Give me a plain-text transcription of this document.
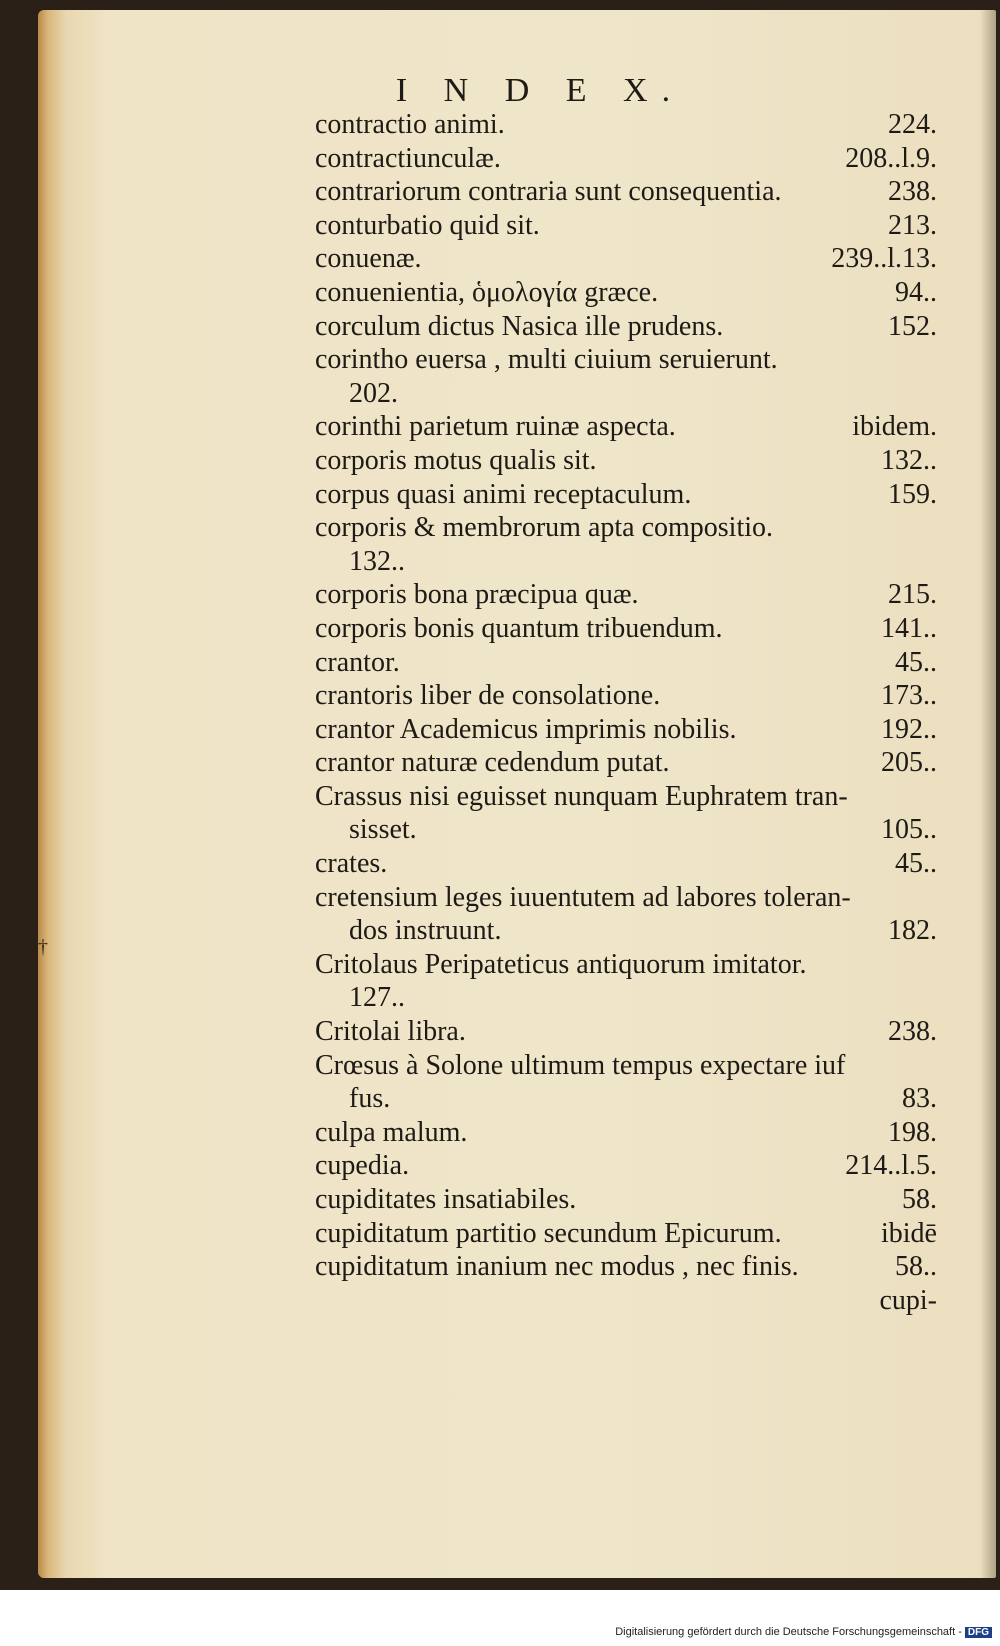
I N D E X.
contractio animi.	224.
contractiunculæ.	208..l.9.
contrariorum contraria sunt consequentia.	238.
conturbatio quid sit.	213.
conuenæ.	239..l.13.
conuenientia, ὁμολογία græce.	94..
corculum dictus Nasica ille prudens.	152.
corintho euersa , multi ciuium seruierunt.
202.
corinthi parietum ruinæ aspecta.	ibidem.
corporis motus qualis sit.	132..
corpus quasi animi receptaculum.	159.
corporis & membrorum apta compositio.
132..
corporis bona præcipua quæ.	215.
corporis bonis quantum tribuendum.	141..
crantor.	45..
crantoris liber de consolatione.	173..
crantor Academicus imprimis nobilis.	192..
crantor naturæ cedendum putat.	205..
Crassus nisi eguisset nunquam Euphratem tran-
sisset.	105..
crates.	45..
cretensium leges iuuentutem ad labores toleran-
dos instruunt.	182.
Critolaus Peripateticus antiquorum imitator.
127..
Critolai libra.	238.
Crœsus à Solone ultimum tempus expectare iuf
fus.	83.
culpa malum.	198.
cupedia.	214..l.5.
cupiditates insatiabiles.	58.
cupiditatum partitio secundum Epicurum.	ibidē
cupiditatum inanium nec modus , nec finis.	58..
cupi-
†
Digitalisierung gefördert durch die Deutsche Forschungsgemeinschaft - DFG
